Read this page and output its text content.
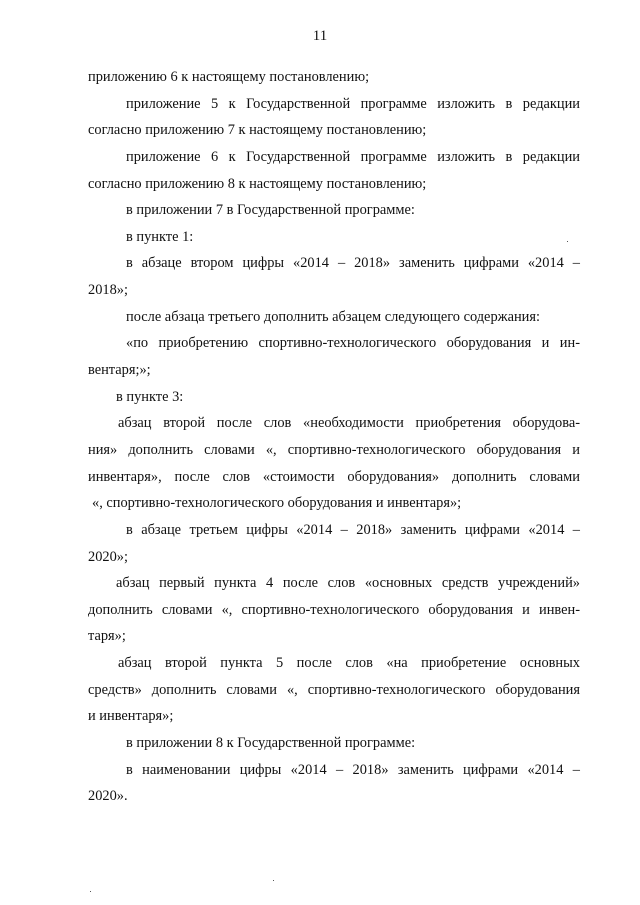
11
приложению 6 к настоящему постановлению;
приложение 5 к Государственной программе изложить в редакции
согласно приложению 7 к настоящему постановлению;
приложение 6 к Государственной программе изложить в редакции
согласно приложению 8 к настоящему постановлению;
в приложении 7 в Государственной программе:
в пункте 1:
в абзаце втором цифры «2014 – 2018» заменить цифрами «2014 –
2018»;
после абзаца третьего дополнить абзацем следующего содержания:
«по приобретению спортивно-технологического оборудования и ин-
вентаря;»;
в пункте 3:
абзац второй после слов «необходимости приобретения оборудова-
ния» дополнить словами «, спортивно-технологического оборудования и
инвентаря», после слов «стоимости оборудования» дополнить словами
«, спортивно-технологического оборудования и инвентаря»;
в абзаце третьем цифры «2014 – 2018» заменить цифрами «2014 –
2020»;
абзац первый пункта 4 после слов «основных средств учреждений»
дополнить словами «, спортивно-технологического оборудования и инвен-
таря»;
абзац второй пункта 5 после слов «на приобретение основных
средств» дополнить словами «, спортивно-технологического оборудования
и инвентаря»;
в приложении 8 к Государственной программе:
в наименовании цифры «2014 – 2018» заменить цифрами «2014 –
2020».
